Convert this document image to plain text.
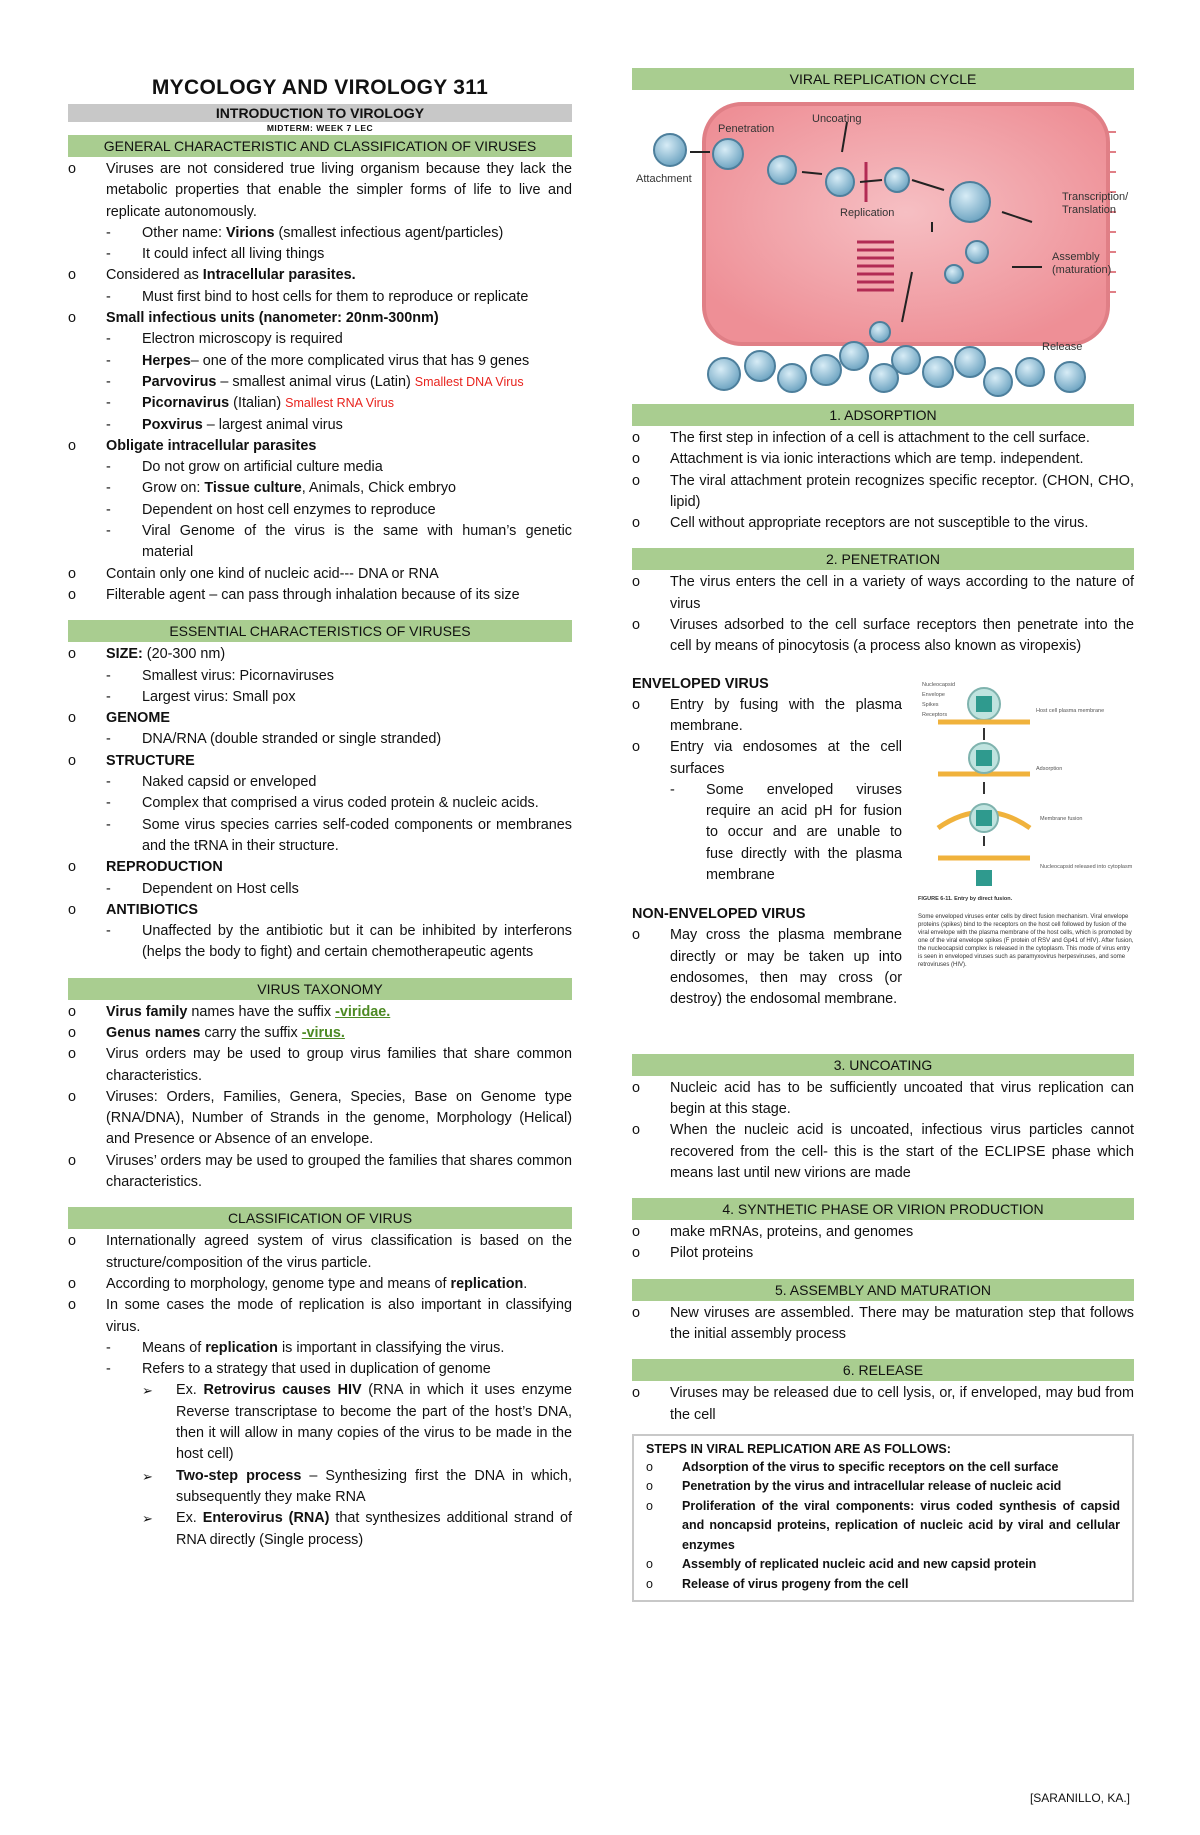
MYCOLOGY AND VIROLOGY 311
INTRODUCTION TO VIROLOGY
MIDTERM: WEEK 7 LEC
GENERAL CHARACTERISTIC AND CLASSIFICATION OF VIRUSES
o Viruses are not considered true living organism because they lack the metabolic properties that enable the simpler forms of life to live and replicate autonomously.
- Other name: Virions (smallest infectious agent/particles)
- It could infect all living things
o Considered as Intracellular parasites.
- Must first bind to host cells for them to reproduce or replicate
o Small infectious units (nanometer: 20nm-300nm)
- Electron microscopy is required
- Herpes– one of the more complicated virus that has 9 genes
- Parvovirus – smallest animal virus (Latin) Smallest DNA Virus
- Picornavirus (Italian) Smallest RNA Virus
- Poxvirus – largest animal virus
o Obligate intracellular parasites
- Do not grow on artificial culture media
- Grow on: Tissue culture, Animals, Chick embryo
- Dependent on host cell enzymes to reproduce
- Viral Genome of the virus is the same with human’s genetic material
o Contain only one kind of nucleic acid--- DNA or RNA
o Filterable agent – can pass through inhalation because of its size
ESSENTIAL CHARACTERISTICS OF VIRUSES
o SIZE: (20-300 nm)
- Smallest virus: Picornaviruses
- Largest virus: Small pox
o GENOME
- DNA/RNA (double stranded or single stranded)
o STRUCTURE
- Naked capsid or enveloped
- Complex that comprised a virus coded protein & nucleic acids.
- Some virus species carries self-coded components or membranes and the tRNA in their structure.
o REPRODUCTION
- Dependent on Host cells
o ANTIBIOTICS
- Unaffected by the antibiotic but it can be inhibited by interferons (helps the body to fight) and certain chemotherapeutic agents
VIRUS TAXONOMY
o Virus family names have the suffix -viridae.
o Genus names carry the suffix -virus.
o Virus orders may be used to group virus families that share common characteristics.
o Viruses: Orders, Families, Genera, Species, Base on Genome type (RNA/DNA), Number of Strands in the genome, Morphology (Helical) and Presence or Absence of an envelope.
o Viruses’ orders may be used to grouped the families that shares common characteristics.
CLASSIFICATION OF VIRUS
o Internationally agreed system of virus classification is based on the structure/composition of the virus particle.
o According to morphology, genome type and means of replication.
o In some cases the mode of replication is also important in classifying virus.
- Means of replication is important in classifying the virus.
- Refers to a strategy that used in duplication of genome
➢ Ex. Retrovirus causes HIV (RNA in which it uses enzyme Reverse transcriptase to become the part of the host’s DNA, then it will allow in many copies of the virus to be made in the host cell)
➢ Two-step process – Synthesizing first the DNA in which, subsequently they make RNA
➢ Ex. Enterovirus (RNA) that synthesizes additional strand of RNA directly (Single process)
VIRAL REPLICATION CYCLE
Penetration
Uncoating
Attachment
Replication
Transcription/
Translation
Assembly
(maturation)
Release
1. ADSORPTION
o The first step in infection of a cell is attachment to the cell surface.
o Attachment is via ionic interactions which are temp. independent.
o The viral attachment protein recognizes specific receptor. (CHON, CHO, lipid)
o Cell without appropriate receptors are not susceptible to the virus.
2. PENETRATION
o The virus enters the cell in a variety of ways according to the nature of virus
o Viruses adsorbed to the cell surface receptors then penetrate into the cell by means of pinocytosis (a process also known as viropexis)

ENVELOPED VIRUS

o Entry by fusing with the plasma membrane.
o Entry via endosomes at the cell surfaces
- Some enveloped viruses require an acid pH for fusion to occur and are unable to fuse directly with the plasma membrane

NON-ENVELOPED VIRUS

o May cross the plasma membrane directly or may be taken up into endosomes, then may cross (or destroy) the endosomal membrane.
Nucleocapsid
Envelope
Spikes
Receptors
Host cell plasma membrane
Adsorption
Membrane fusion
Nucleocapsid released into cytoplasm
FIGURE 6-11. Entry by direct fusion.
Some enveloped viruses enter cells by direct fusion mechanism. Viral envelope proteins (spikes) bind to the receptors on the host cell followed by fusion of the viral envelope with the plasma membrane of the host cells, which is promoted by one of the viral envelope spikes (F protein of RSV and Gp41 of HIV). After fusion, the nucleocapsid complex is released in the cytoplasm. This mode of virus entry is seen in enveloped viruses such as paramyxovirus herpesviruses, and some retroviruses (HIV).
3. UNCOATING
o Nucleic acid has to be sufficiently uncoated that virus replication can begin at this stage.
o When the nucleic acid is uncoated, infectious virus particles cannot recovered from the cell- this is the start of the ECLIPSE phase which means last until new virions are made
4. SYNTHETIC PHASE OR VIRION PRODUCTION
o make mRNAs, proteins, and genomes
o Pilot proteins
5. ASSEMBLY AND MATURATION
o New viruses are assembled. There may be maturation step that follows the initial assembly process
6. RELEASE
o Viruses may be released due to cell lysis, or, if enveloped, may bud from the cell
STEPS IN VIRAL REPLICATION ARE AS FOLLOWS:
o Adsorption of the virus to specific receptors on the cell surface
o Penetration by the virus and intracellular release of nucleic acid
o Proliferation of the viral components: virus coded synthesis of capsid and noncapsid proteins, replication of nucleic acid by viral and cellular enzymes
o Assembly of replicated nucleic acid and new capsid protein
o Release of virus progeny from the cell
[SARANILLO, KA.]
